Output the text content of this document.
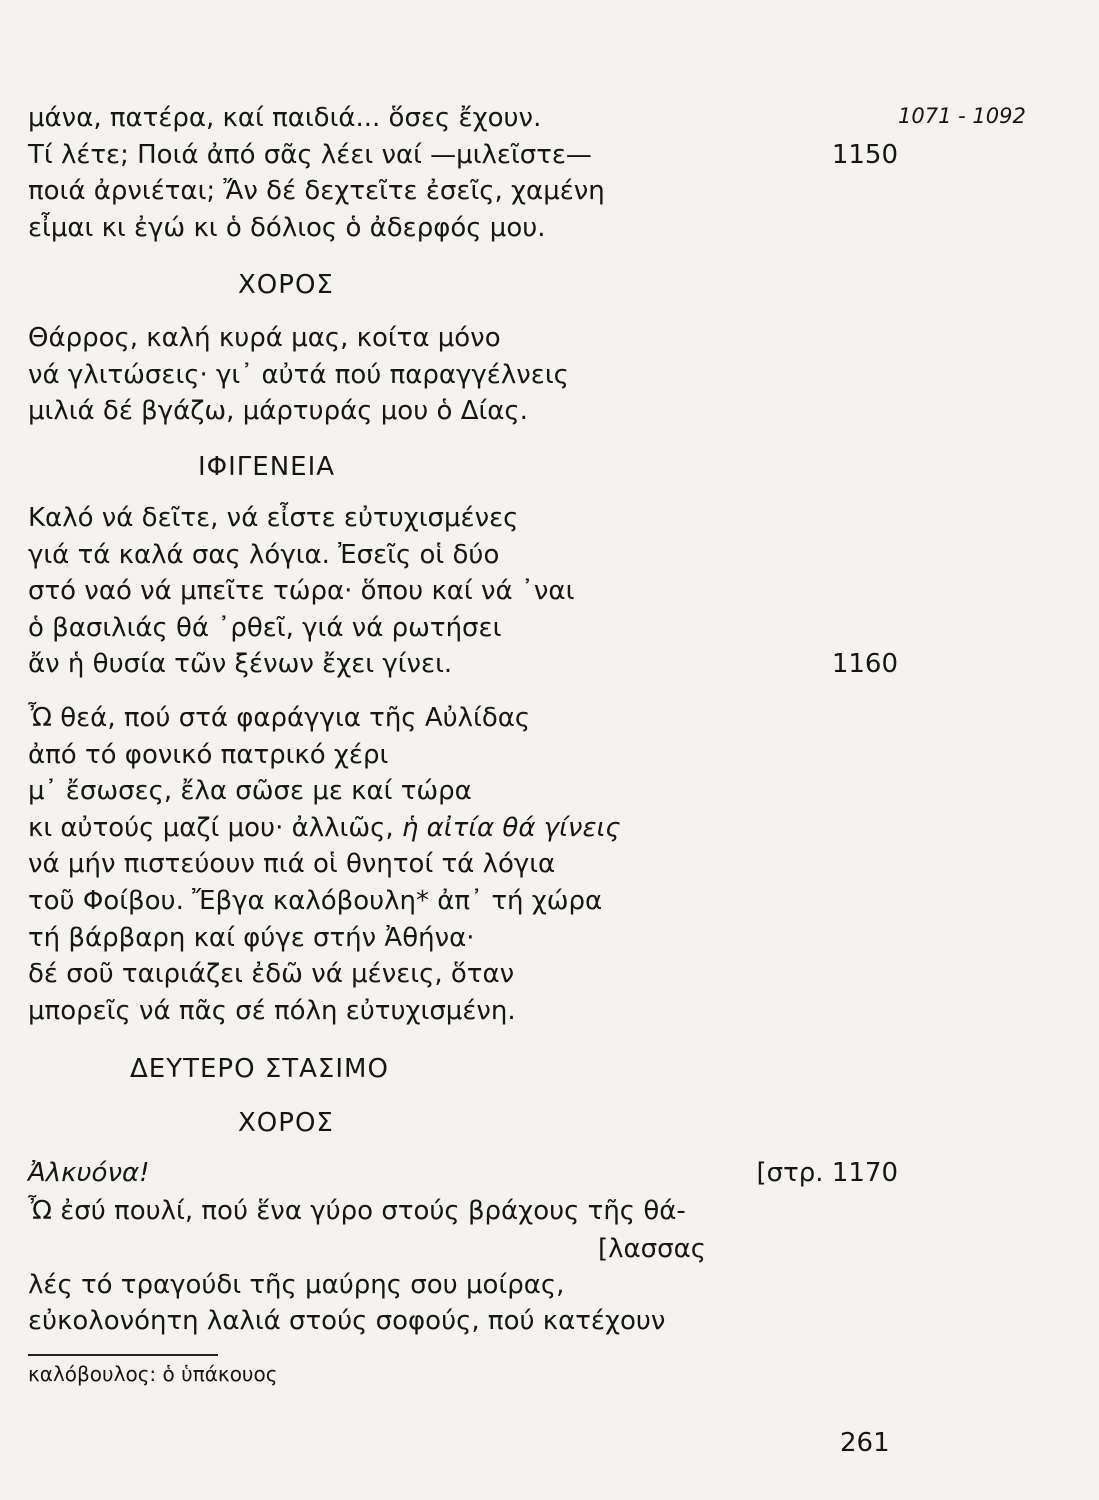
1071 - 1092
μάνα, πατέρα, καί παιδιά... ὅσες ἔχουν.
Τί λέτε; Ποιά ἀπό σᾶς λέει ναί —μιλεῖστε—	1150
ποιά ἀρνιέται; Ἄν δέ δεχτεῖτε ἐσεῖς, χαμένη
εἶμαι κι ἐγώ κι ὁ δόλιος ὁ ἀδερφός μου.
ΧΟΡΟΣ
Θάρρος, καλή κυρά μας, κοίτα μόνο
νά γλιτώσεις· γι᾽ αὐτά πού παραγγέλνεις
μιλιά δέ βγάζω, μάρτυράς μου ὁ Δίας.
ΙΦΙΓΕΝΕΙΑ
Καλό νά δεῖτε, νά εἶστε εὐτυχισμένες
γιά τά καλά σας λόγια. Ἐσεῖς οἱ δύο
στό ναό νά μπεῖτε τώρα· ὅπου καί νά ᾿ναι
ὁ βασιλιάς θά ᾿ρθεῖ, γιά νά ρωτήσει
ἄν ἡ θυσία τῶν ξένων ἔχει γίνει.	1160
Ὦ θεά, πού στά φαράγγια τῆς Αὐλίδας
ἀπό τό φονικό πατρικό χέρι
μ᾽ ἔσωσες, ἔλα σῶσε με καί τώρα
κι αὐτούς μαζί μου· ἀλλιῶς, ἡ αἰτία θά γίνεις
νά μήν πιστεύουν πιά οἱ θνητοί τά λόγια
τοῦ Φοίβου. Ἔβγα καλόβουλη* ἀπ᾽ τή χώρα
τή βάρβαρη καί φύγε στήν Ἀθήνα·
δέ σοῦ ταιριάζει ἐδῶ νά μένεις, ὅταν
μπορεῖς νά πᾶς σέ πόλη εὐτυχισμένη.
ΔΕΥΤΕΡΟ ΣΤΑΣΙΜΟ
ΧΟΡΟΣ
Ἀλκυόνα!	[στρ. 1170
Ὦ ἐσύ πουλί, πού ἕνα γύρο στούς βράχους τῆς θά-
[λασσας
λές τό τραγούδι τῆς μαύρης σου μοίρας,
εὐκολονόητη λαλιά στούς σοφούς, πού κατέχουν
καλόβουλος: ὁ ὑπάκουος
261
